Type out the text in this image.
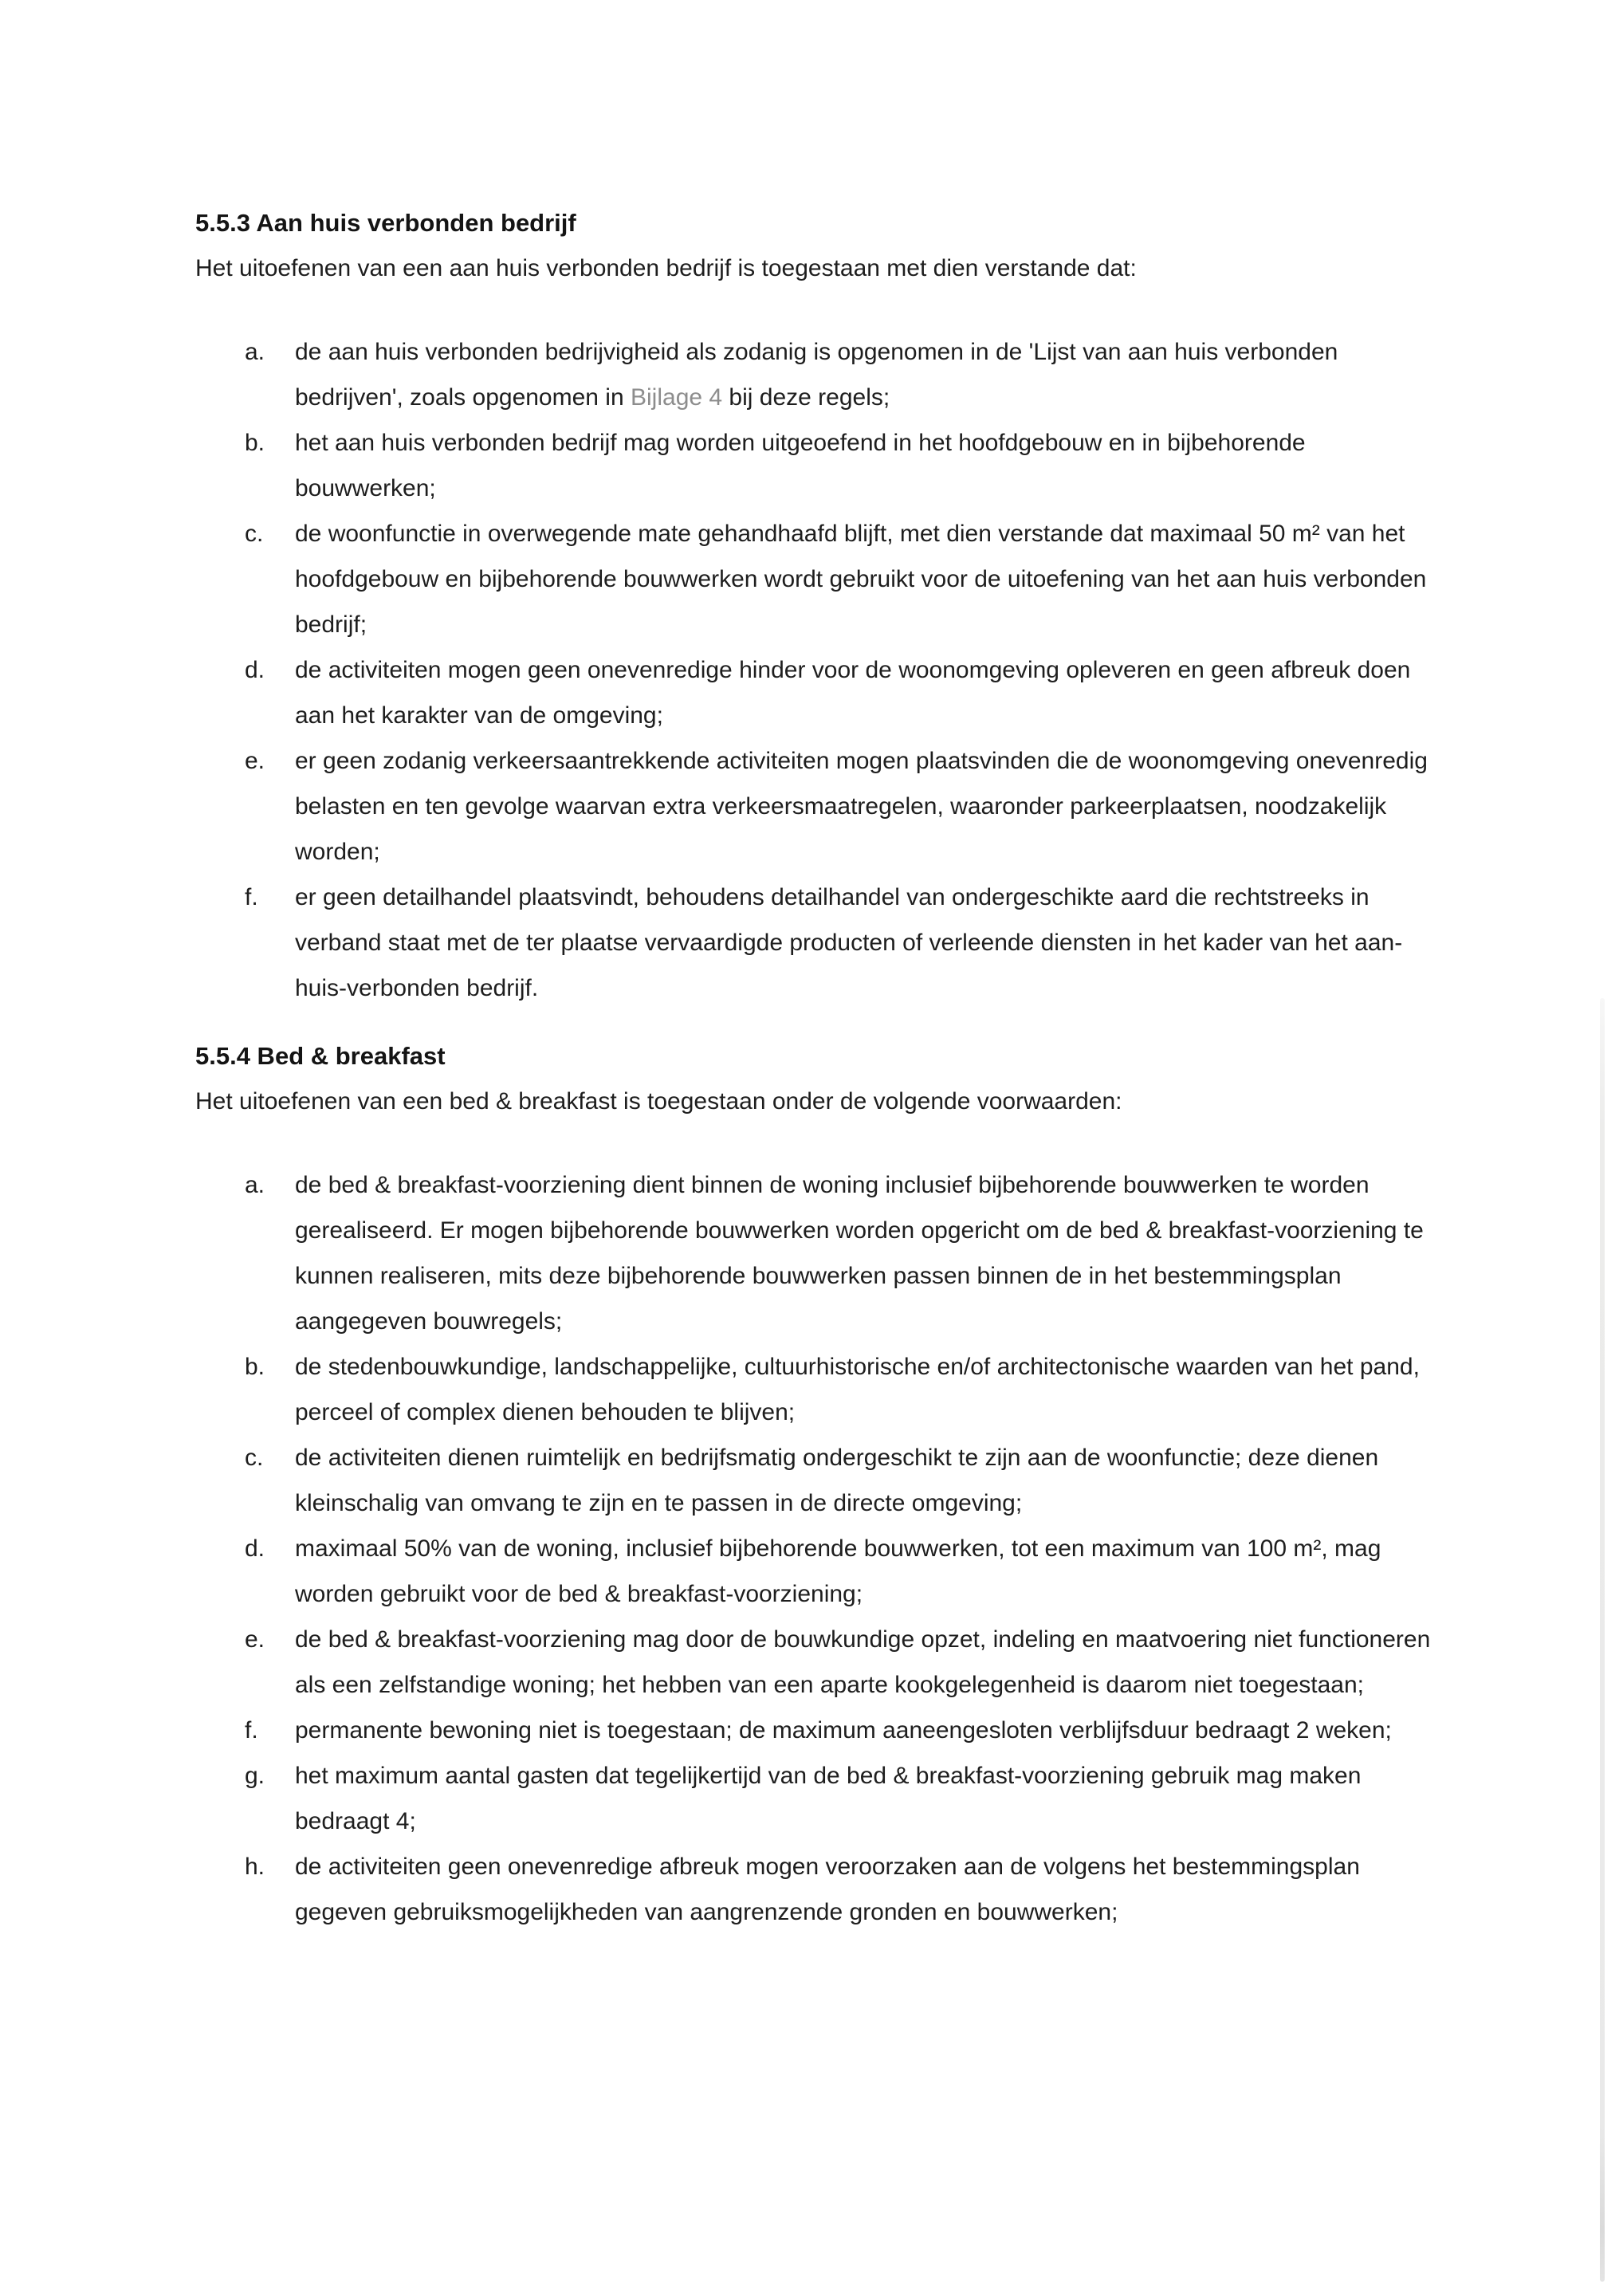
5.5.3 Aan huis verbonden bedrijf

Het uitoefenen van een aan huis verbonden bedrijf is toegestaan met dien verstande dat:

a.	de aan huis verbonden bedrijvigheid als zodanig is opgenomen in de 'Lijst van aan huis verbonden bedrijven', zoals opgenomen in Bijlage 4 bij deze regels;
b.	het aan huis verbonden bedrijf mag worden uitgeoefend in het hoofdgebouw en in bijbehorende bouwwerken;
c.	de woonfunctie in overwegende mate gehandhaafd blijft, met dien verstande dat maximaal 50 m² van het hoofdgebouw en bijbehorende bouwwerken wordt gebruikt voor de uitoefening van het aan huis verbonden bedrijf;
d.	de activiteiten mogen geen onevenredige hinder voor de woonomgeving opleveren en geen afbreuk doen aan het karakter van de omgeving;
e.	er geen zodanig verkeersaantrekkende activiteiten mogen plaatsvinden die de woonomgeving onevenredig belasten en ten gevolge waarvan extra verkeersmaatregelen, waaronder parkeerplaatsen, noodzakelijk worden;
f.	er geen detailhandel plaatsvindt, behoudens detailhandel van ondergeschikte aard die rechtstreeks in verband staat met de ter plaatse vervaardigde producten of verleende diensten in het kader van het aan-huis-verbonden bedrijf.
5.5.4 Bed & breakfast

Het uitoefenen van een bed & breakfast is toegestaan onder de volgende voorwaarden:

a.	de bed & breakfast-voorziening dient binnen de woning inclusief bijbehorende bouwwerken te worden gerealiseerd. Er mogen bijbehorende bouwwerken worden opgericht om de bed & breakfast-voorziening te kunnen realiseren, mits deze bijbehorende bouwwerken passen binnen de in het bestemmingsplan aangegeven bouwregels;
b.	de stedenbouwkundige, landschappelijke, cultuurhistorische en/of architectonische waarden van het pand, perceel of complex dienen behouden te blijven;
c.	de activiteiten dienen ruimtelijk en bedrijfsmatig ondergeschikt te zijn aan de woonfunctie; deze dienen kleinschalig van omvang te zijn en te passen in de directe omgeving;
d.	maximaal 50% van de woning, inclusief bijbehorende bouwwerken, tot een maximum van 100 m², mag worden gebruikt voor de bed & breakfast-voorziening;
e.	de bed & breakfast-voorziening mag door de bouwkundige opzet, indeling en maatvoering niet functioneren als een zelfstandige woning; het hebben van een aparte kookgelegenheid is daarom niet toegestaan;
f.	permanente bewoning niet is toegestaan; de maximum aaneengesloten verblijfsduur bedraagt 2 weken;
g.	het maximum aantal gasten dat tegelijkertijd van de bed & breakfast-voorziening gebruik mag maken bedraagt 4;
h.	de activiteiten geen onevenredige afbreuk mogen veroorzaken aan de volgens het bestemmingsplan gegeven gebruiksmogelijkheden van aangrenzende gronden en bouwwerken;
